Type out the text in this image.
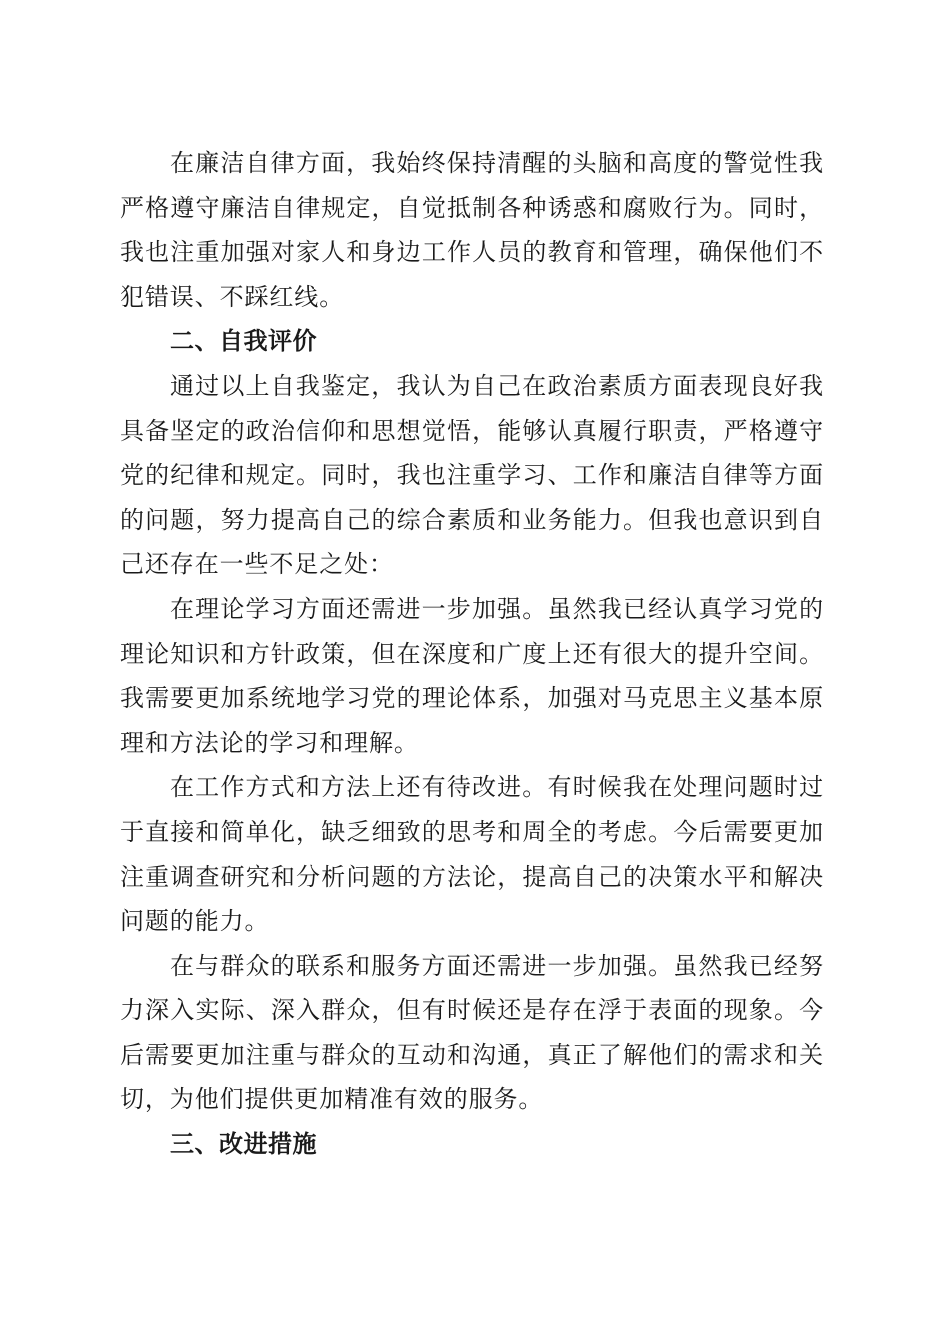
在廉洁自律方面，我始终保持清醒的头脑和高度的警觉性我严格遵守廉洁自律规定，自觉抵制各种诱惑和腐败行为。同时，我也注重加强对家人和身边工作人员的教育和管理，确保他们不犯错误、不踩红线。

二、自我评价

通过以上自我鉴定，我认为自己在政治素质方面表现良好我具备坚定的政治信仰和思想觉悟，能够认真履行职责，严格遵守党的纪律和规定。同时，我也注重学习、工作和廉洁自律等方面的问题，努力提高自己的综合素质和业务能力。但我也意识到自己还存在一些不足之处：

在理论学习方面还需进一步加强。虽然我已经认真学习党的理论知识和方针政策，但在深度和广度上还有很大的提升空间。我需要更加系统地学习党的理论体系，加强对马克思主义基本原理和方法论的学习和理解。

在工作方式和方法上还有待改进。有时候我在处理问题时过于直接和简单化，缺乏细致的思考和周全的考虑。今后需要更加注重调查研究和分析问题的方法论，提高自己的决策水平和解决问题的能力。

在与群众的联系和服务方面还需进一步加强。虽然我已经努力深入实际、深入群众，但有时候还是存在浮于表面的现象。今后需要更加注重与群众的互动和沟通，真正了解他们的需求和关切，为他们提供更加精准有效的服务。

三、改进措施
